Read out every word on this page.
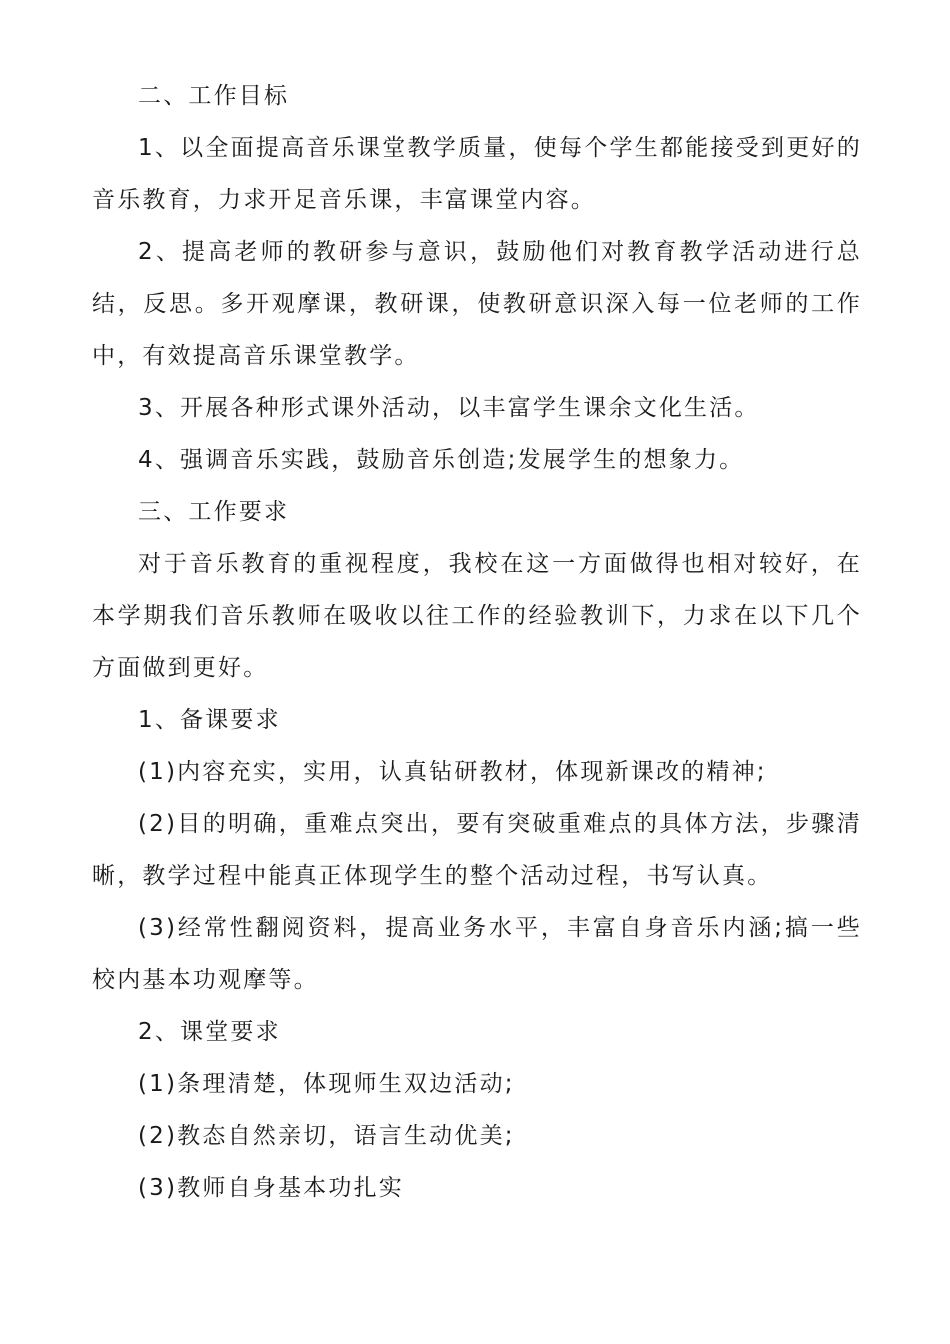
二、工作目标

1、以全面提高音乐课堂教学质量，使每个学生都能接受到更好的音乐教育，力求开足音乐课，丰富课堂内容。

2、提高老师的教研参与意识，鼓励他们对教育教学活动进行总结，反思。多开观摩课，教研课，使教研意识深入每一位老师的工作中，有效提高音乐课堂教学。

3、开展各种形式课外活动，以丰富学生课余文化生活。

4、强调音乐实践，鼓励音乐创造;发展学生的想象力。

三、工作要求

对于音乐教育的重视程度，我校在这一方面做得也相对较好，在本学期我们音乐教师在吸收以往工作的经验教训下，力求在以下几个方面做到更好。

1、备课要求

(1)内容充实，实用，认真钻研教材，体现新课改的精神;

(2)目的明确，重难点突出，要有突破重难点的具体方法，步骤清晰，教学过程中能真正体现学生的整个活动过程，书写认真。

(3)经常性翻阅资料，提高业务水平，丰富自身音乐内涵;搞一些校内基本功观摩等。

2、课堂要求

(1)条理清楚，体现师生双边活动;

(2)教态自然亲切，语言生动优美;

(3)教师自身基本功扎实
